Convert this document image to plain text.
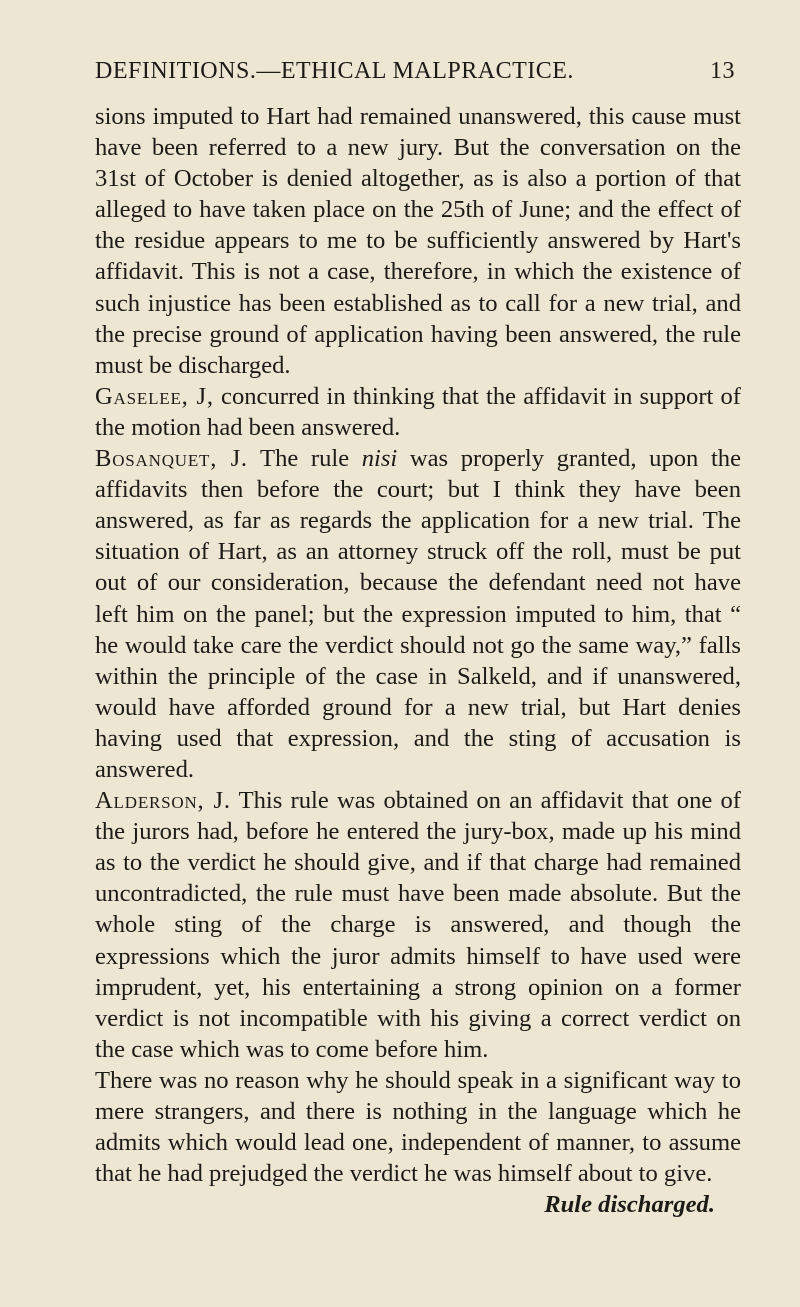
DEFINITIONS.—ETHICAL MALPRACTICE.	13

sions imputed to Hart had remained unanswered, this cause must have been referred to a new jury. But the conversation on the 31st of October is denied altogether, as is also a portion of that alleged to have taken place on the 25th of June; and the effect of the residue appears to me to be sufficiently answered by Hart's affidavit. This is not a case, therefore, in which the existence of such injustice has been established as to call for a new trial, and the precise ground of application having been answered, the rule must be discharged.

Gaselee, J, concurred in thinking that the affidavit in support of the motion had been answered.

Bosanquet, J. The rule nisi was properly granted, upon the affidavits then before the court; but I think they have been answered, as far as regards the application for a new trial. The situation of Hart, as an attorney struck off the roll, must be put out of our consideration, because the defendant need not have left him on the panel; but the expression imputed to him, that “ he would take care the verdict should not go the same way,” falls within the principle of the case in Salkeld, and if unanswered, would have afforded ground for a new trial, but Hart denies having used that expression, and the sting of accusation is answered.

Alderson, J. This rule was obtained on an affidavit that one of the jurors had, before he entered the jury-box, made up his mind as to the verdict he should give, and if that charge had remained uncontradicted, the rule must have been made absolute. But the whole sting of the charge is answered, and though the expressions which the juror admits himself to have used were imprudent, yet, his entertaining a strong opinion on a former verdict is not incompatible with his giving a correct verdict on the case which was to come before him.

There was no reason why he should speak in a significant way to mere strangers, and there is nothing in the language which he admits which would lead one, independent of manner, to assume that he had prejudged the verdict he was himself about to give.

Rule discharged.
